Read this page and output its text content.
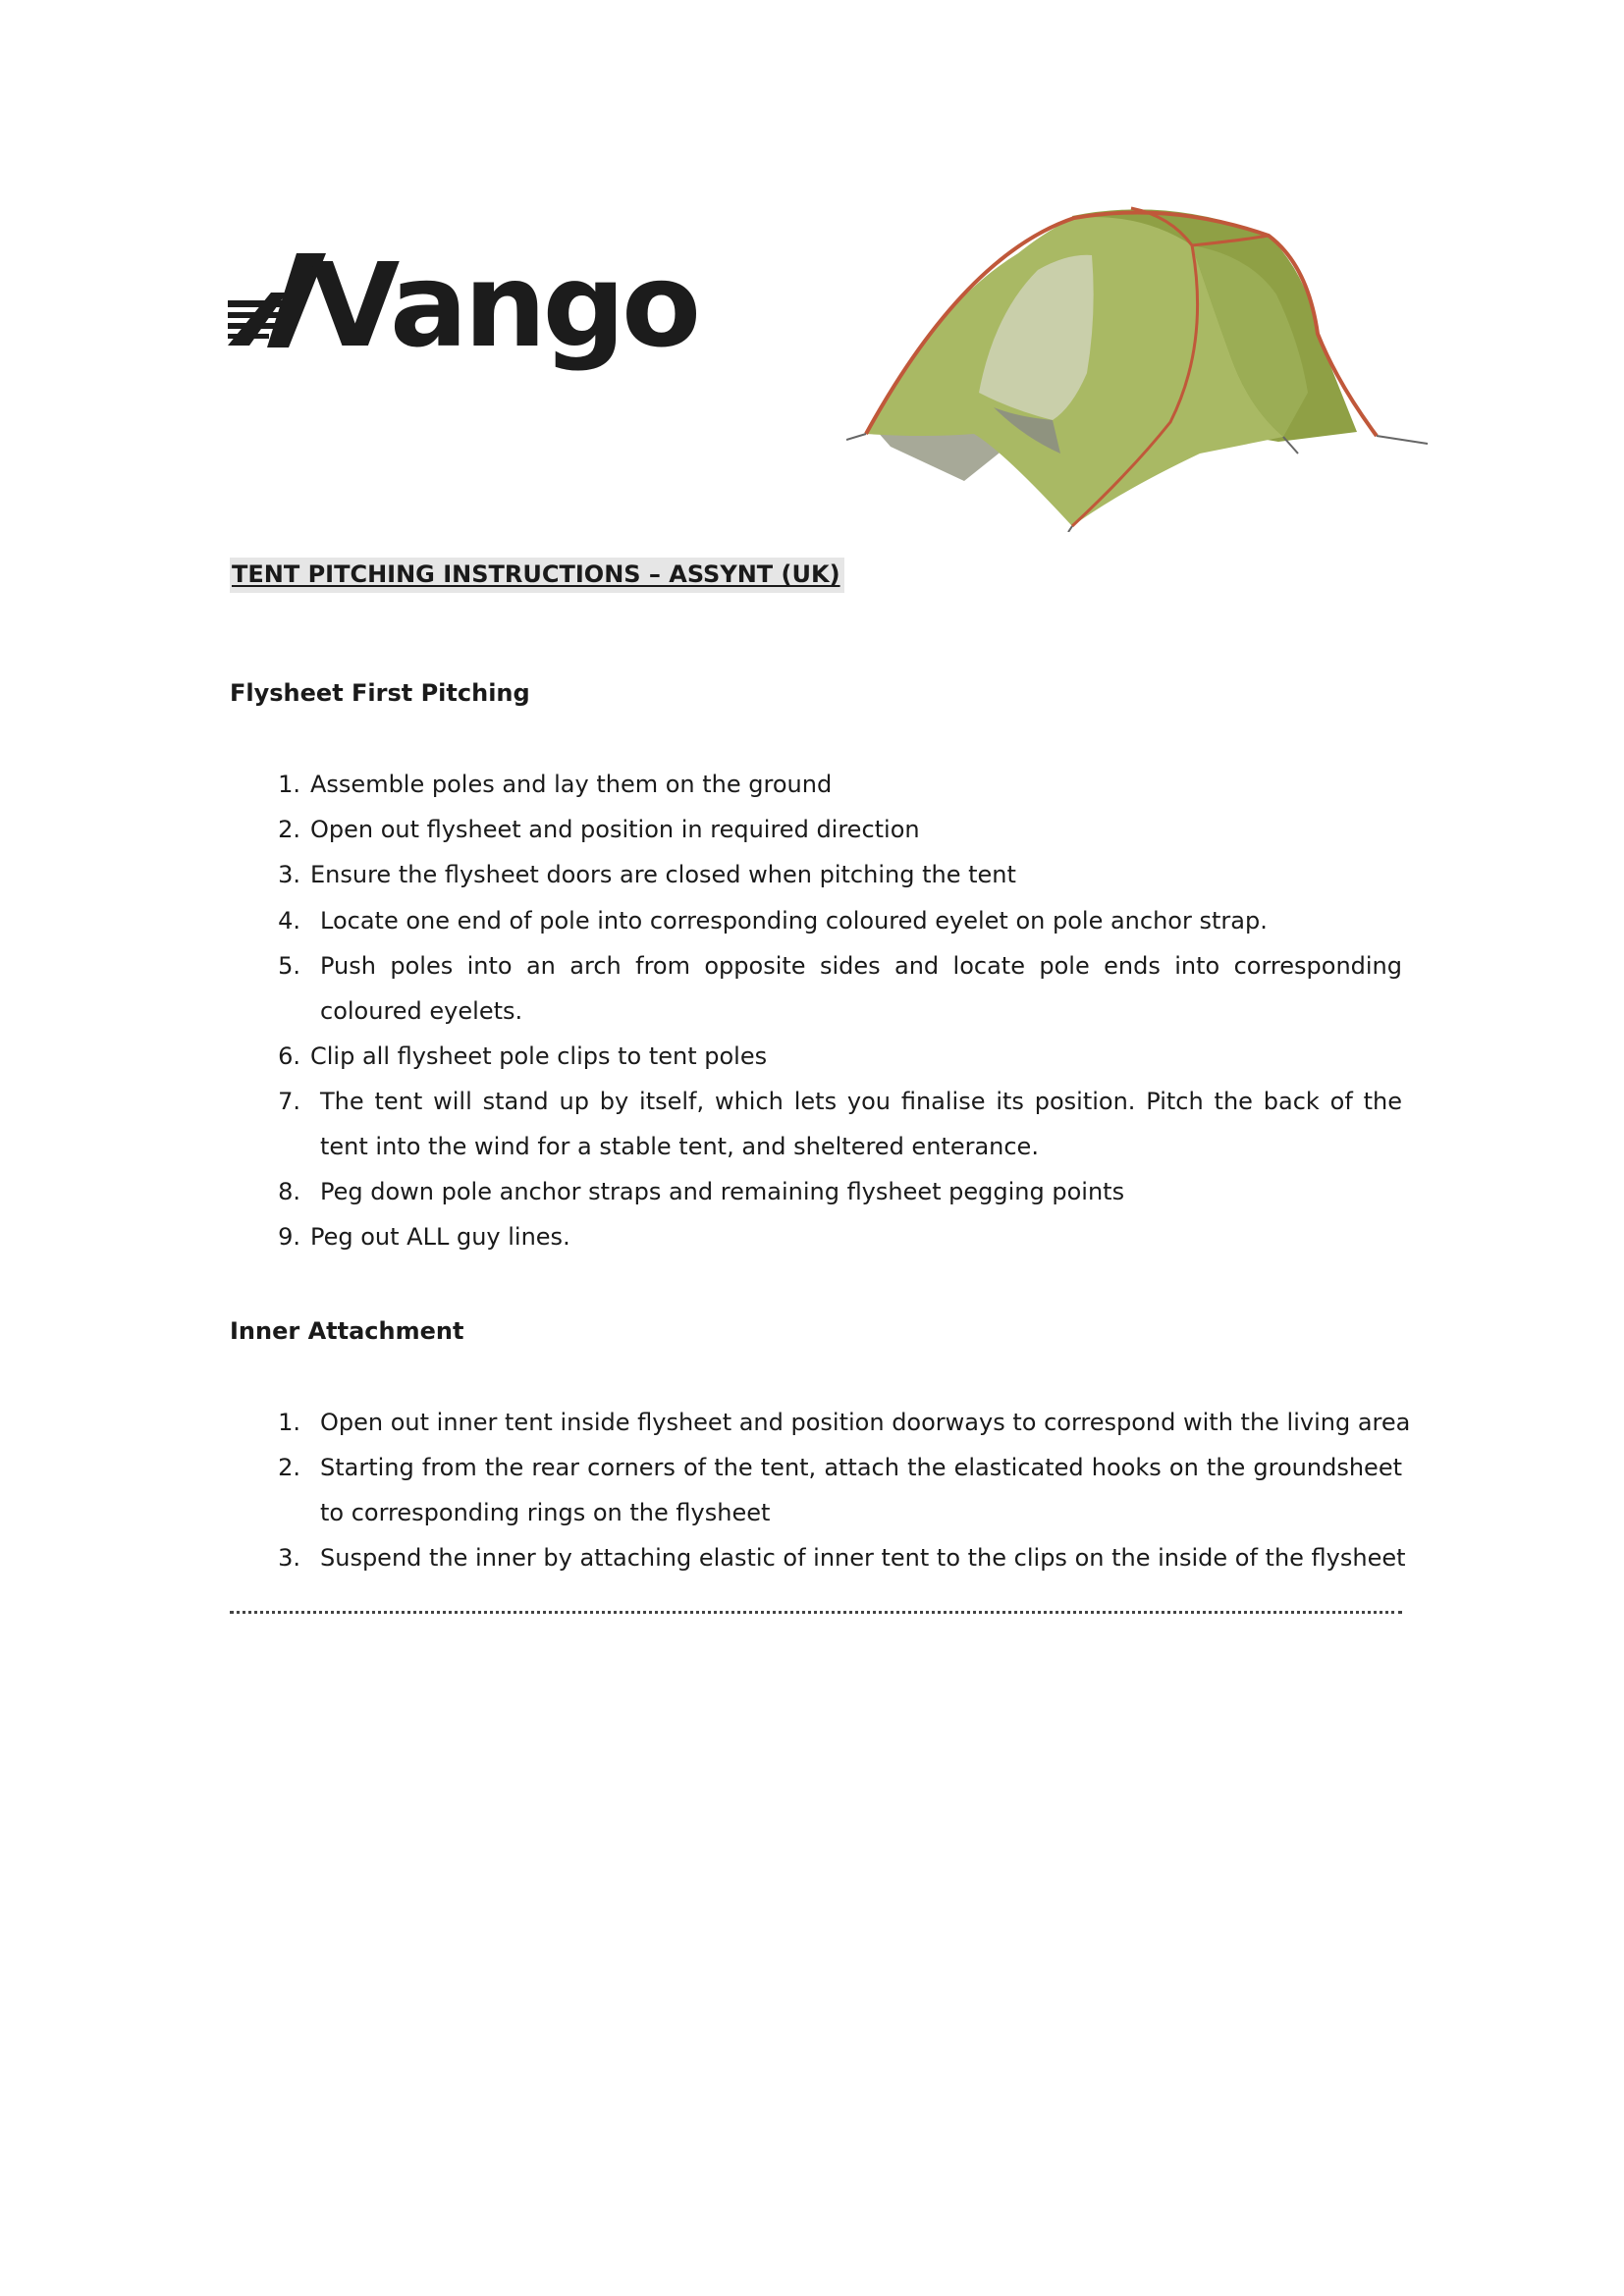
Vango
TENT PITCHING INSTRUCTIONS – ASSYNT (UK)
Flysheet First Pitching
1. Assemble poles and lay them on the ground
2. Open out flysheet and position in required direction
3. Ensure the flysheet doors are closed when pitching the tent
4. Locate one end of pole into corresponding coloured eyelet on pole anchor strap.
5. Push poles into an arch from opposite sides and locate pole ends into corresponding coloured eyelets.
6. Clip all flysheet pole clips to tent poles
7. The tent will stand up by itself, which lets you finalise its position. Pitch the back of the tent into the wind for a stable tent, and sheltered enterance.
8. Peg down pole anchor straps and remaining flysheet pegging points
9. Peg out ALL guy lines.
Inner Attachment
1. Open out inner tent inside flysheet and position doorways to correspond with the living area
2. Starting from the rear corners of the tent, attach the elasticated hooks on the groundsheet to corresponding rings on the flysheet
3. Suspend the inner by attaching elastic of inner tent to the clips on the inside of the flysheet
